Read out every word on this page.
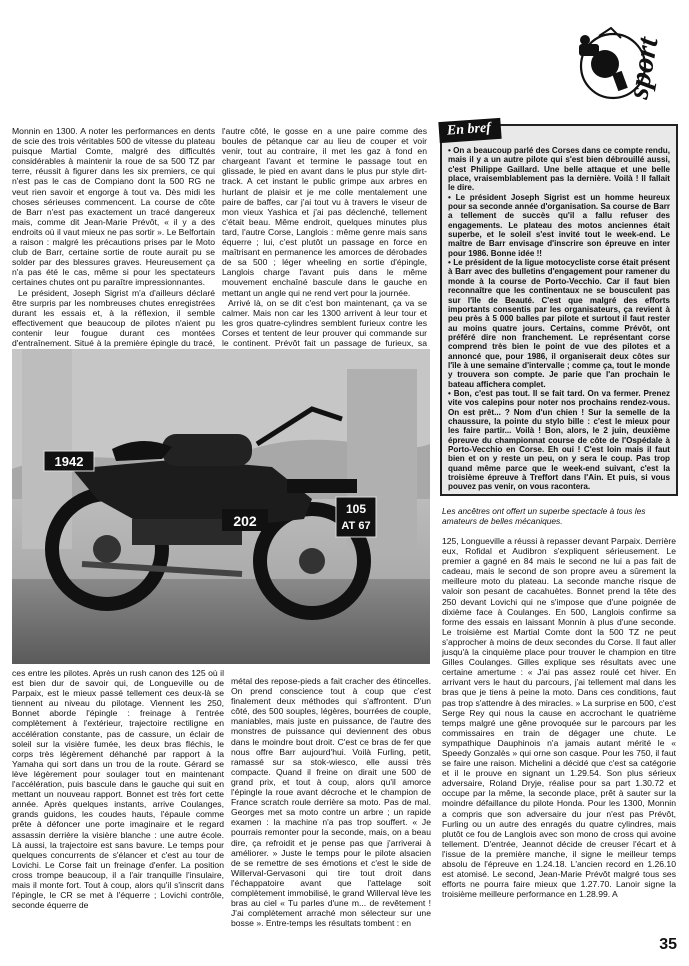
sport
En bref

• On a beaucoup parlé des Corses dans ce compte rendu, mais il y a un autre pilote qui s'est bien débrouillé aussi, c'est Philippe Gaillard. Une belle attaque et une belle place, vraisemblablement pas la dernière. Voilà ! Il fallait le dire.

• Le président Joseph Sigrist est un homme heureux pour sa seconde année d'organisation. Sa course de Barr a tellement de succès qu'il a fallu refuser des engagements. Le plateau des motos anciennes était superbe, et le soleil s'est invité tout le week-end. Le maître de Barr envisage d'inscrire son épreuve en inter pour 1986. Bonne idée !!

• Le président de la ligue motocycliste corse était présent à Barr avec des bulletins d'engagement pour ramener du monde à la course de Porto-Vecchio. Car il faut bien reconnaître que les continentaux ne se bousculent pas sur l'île de Beauté. C'est que malgré des efforts importants consentis par les organisateurs, ça revient à peu près à 5 000 balles par pilote et surtout il faut rester au moins quatre jours. Certains, comme Prévôt, ont préféré dire non franchement. Le représentant corse comprend très bien le point de vue des pilotes et a annoncé que, pour 1986, il organiserait deux côtes sur l'île à une semaine d'intervalle ; comme ça, tout le monde y trouvera son compte. Je parie que l'an prochain le bateau affichera complet.

• Bon, c'est pas tout. Il se fait tard. On va fermer. Prenez vite vos calepins pour noter nos prochains rendez-vous. On est prêt... ? Nom d'un chien ! Sur la semelle de la chaussure, la pointe du stylo bille : c'est le mieux pour les faire partir... Voilà ! Bon, alors, le 2 juin, deuxième épreuve du championnat course de côte de l'Ospédale à Porto-Vecchio en Corse. Eh oui ! C'est loin mais il faut bien et on y reste un peu, on y sera le coup. Pas trop quand même parce que le week-end suivant, c'est la troisième épreuve à Treffort dans l'Ain. Et puis, si vous pouvez pas venir, on vous racontera.

Les ancêtres ont offert un superbe spectacle à tous les amateurs de belles mécaniques.

Monnin en 1300. A noter les performances en dents de scie des trois véritables 500 de vitesse du plateau puisque Martial Comte, malgré des difficultés considérables à maintenir la roue de sa 500 TZ par terre, réussit à figurer dans les six premiers, ce qui n'est pas le cas de Compiano dont la 500 RG ne veut rien savoir et engorge à tout va. Dès midi les choses sérieuses commencent. La course de côte de Barr n'est pas exactement un tracé dangereux mais, comme dit Jean-Marie Prévôt, « il y a des endroits où il vaut mieux ne pas sortir ». Le Belfortain a raison : malgré les précautions prises par le Moto club de Barr, certaine sortie de route aurait pu se solder par des blessures graves. Heureusement ça n'a pas été le cas, même si pour les spectateurs certaines chutes ont pu paraître impressionnantes.

Le président, Joseph Sigrist m'a d'ailleurs déclaré être surpris par les nombreuses chutes enregistrées durant les essais et, à la réflexion, il semble effectivement que beaucoup de pilotes n'aient pu contenir leur fougue durant ces montées d'entraînement. Situé à la première épingle du tracé,

l'autre côté, le gosse en a une paire comme des boules de pétanque car au lieu de couper et voir venir, tout au contraire, il met les gaz à fond en chargeant l'avant et termine le passage tout en glissade, le pied en avant dans le plus pur style dirt-track. A cet instant le public grimpe aux arbres en hurlant de plaisir et je me colle mentalement une paire de baffes, car j'ai tout vu à travers le viseur de mon vieux Yashica et j'ai pas déclenché, tellement c'était beau. Même endroit, quelques minutes plus tard, l'autre Corse, Langlois : même genre mais sans équerre ; lui, c'est plutôt un passage en force en maîtrisant en permanence les amorces de dérobades de sa 500 ; léger wheeling en sortie d'épingle, Langlois charge l'avant puis dans le même mouvement enchaîné bascule dans le gauche en mettant un angle qui ne rend vert pour la journée.

Arrivé là, on se dit c'est bon maintenant, ça va se calmer. Mais non car les 1300 arrivent à leur tour et les gros quatre-cylindres semblent furieux contre les Corses et tentent de leur prouver qui commande sur le continent. Prévôt fait un passage de furieux, sa

1942
202
105
AT 67

ces entre les pilotes. Après un rush canon des 125 où il est bien dur de savoir qui, de Longueville ou de Parpaix, est le mieux passé tellement ces deux-là se tiennent au niveau du pilotage. Viennent les 250, Bonnet aborde l'épingle : freinage à l'entrée complètement à l'extérieur, trajectoire rectiligne en accélération constante, pas de cassure, un éclair de soleil sur la visière fumée, les deux bras fléchis, le corps très légèrement déhanché par rapport à la Yamaha qui sort dans un trou de la route. Gérard se lève légèrement pour soulager tout en maintenant l'accélération, puis bascule dans le gauche qui suit en mettant un nouveau rapport. Bonnet est très fort cette année. Après quelques instants, arrive Coulanges, grands guidons, les coudes hauts, l'épaule comme prête à défoncer une porte imaginaire et le regard assassin derrière la visière blanche : une autre école. Là aussi, la trajectoire est sans bavure. Le temps pour quelques concurrents de s'élancer et c'est au tour de Lovichi. Le Corse fait un freinage d'enfer. La position cross trompe beaucoup, il a l'air tranquille l'insulaire, mais il monte fort. Tout à coup, alors qu'il s'inscrit dans l'épingle, le CR se met à l'équerre ; Lovichi contrôle, seconde équerre de

métal des repose-pieds a fait cracher des étincelles. On prend conscience tout à coup que c'est finalement deux méthodes qui s'affrontent. D'un côté, des 500 souples, légères, bourrées de couple, maniables, mais juste en puissance, de l'autre des monstres de puissance qui deviennent des obus dans le moindre bout droit. C'est ce bras de fer que nous offre Barr aujourd'hui. Voilà Furling, petit, ramassé sur sa stok-wiesco, elle aussi très compacte. Quand il freine on dirait une 500 de grand prix, et tout à coup, alors qu'il amorce l'épingle la roue avant décroche et le champion de France scratch roule derrière sa moto. Pas de mal. Georges met sa moto contre un arbre ; un rapide examen : la machine n'a pas trop souffert. « Je pourrais remonter pour la seconde, mais, on a beau dire, ça refroidit et je pense pas que j'arriverai à améliorer. » Juste le temps pour le pilote alsacien de se remettre de ses émotions et c'est le side de Willerval-Gervasoni qui tire tout droit dans l'échappatoire avant que l'attelage soit complètement immobilisé, le grand Willerval lève les bras au ciel « Tu parles d'une m... de revêtement ! J'ai complètement arraché mon sélecteur sur une bosse ». Entre-temps les résultats tombent : en

125, Longueville a réussi à repasser devant Parpaix. Derrière eux, Rofidal et Audibron s'expliquent sérieusement. Le premier a gagné en 84 mais le second ne lui a pas fait de cadeau, mais le second de son propre aveu a sûrement la meilleure moto du plateau. La seconde manche risque de valoir son pesant de cacahuètes. Bonnet prend la tête des 250 devant Lovichi qui ne s'impose que d'une poignée de dixième face à Coulanges. En 500, Langlois confirme sa forme des essais en laissant Monnin à plus d'une seconde. Le troisième est Martial Comte dont la 500 TZ ne peut s'approcher à moins de deux secondes du Corse. Il faut aller jusqu'à la cinquième place pour trouver le champion en titre Gilles Coulanges. Gilles explique ses résultats avec une certaine amertume : « J'ai pas assez roulé cet hiver. En arrivant vers le haut du parcours, j'ai tellement mal dans les bras que je tiens à peine la moto. Dans ces conditions, faut pas trop s'attendre à des miracles. » La surprise en 500, c'est Serge Rey qui nous la cause en accrochant le quatrième temps malgré une gêne provoquée sur le parcours par les commissaires en train de dégager une chute. Le sympathique Dauphinois n'a jamais autant mérité le « Speedy Gonzalès » qui orne son casque. Pour les 750, il faut se faire une raison. Michelini a décidé que c'est sa catégorie et il le prouve en signant un 1.29.54. Son plus sérieux adversaire, Roland Dryje, réalise pour sa part 1.30.72 et occupe par la même, la seconde place, prêt à sauter sur la moindre défaillance du pilote Honda. Pour les 1300, Monnin a compris que son adversaire du jour n'est pas Prévôt, Furling ou un autre des enragés du quatre cylindres, mais plutôt ce fou de Langlois avec son mono de cross qui avoine tellement. D'entrée, Jeannot décide de creuser l'écart et à l'issue de la première manche, il signe le meilleur temps absolu de l'épreuve en 1.24.18. L'ancien record en 1.26.10 est atomisé. Le second, Jean-Marie Prévôt malgré tous ses efforts ne pourra faire mieux que 1.27.70. Lanoir signe la troisième meilleure performance en 1.28.99. A

35
